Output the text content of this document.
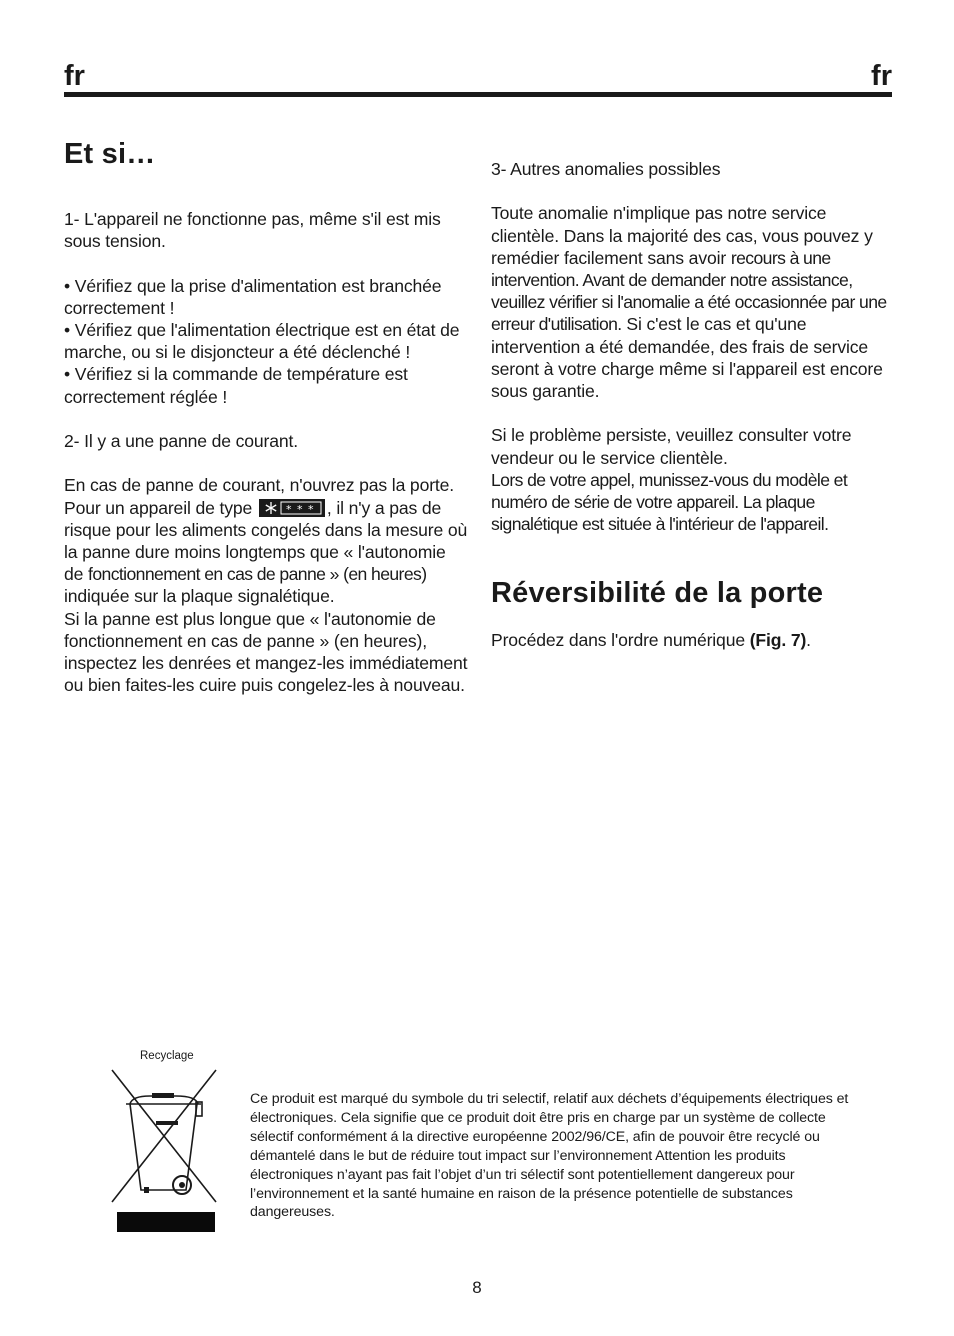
fr	fr
Et si…

1- L'appareil ne fonctionne pas, même s'il est mis sous tension.

• Vérifiez que la prise d'alimentation est branchée correctement !

• Vérifiez que l'alimentation électrique est en état de marche, ou si le disjoncteur a été déclenché !

• Vérifiez si la commande de température est correctement réglée !

2- Il y a une panne de courant.

En cas de panne de courant, n'ouvrez pas la porte. Pour un appareil de type	* * * , il n'y a pas de risque pour les aliments congelés dans la mesure où la panne dure moins longtemps que « l'autonomie de fonctionnement en cas de panne » (en heures) indiquée sur la plaque signalétique.

Si la panne est plus longue que « l'autonomie de fonctionnement en cas de panne » (en heures), inspectez les denrées et mangez-les immédiatement ou bien faites-les cuire puis congelez-les à nouveau.

3- Autres anomalies possibles

Toute anomalie n'implique pas notre service clientèle. Dans la majorité des cas, vous pouvez y remédier facilement sans avoir recours à une intervention. Avant de demander notre assistance, veuillez vérifier si l'anomalie a été occasionnée par une erreur d'utilisation. Si c'est le cas et qu'une intervention a été demandée, des frais de service seront à votre charge même si l'appareil est encore sous garantie.

Si le problème persiste, veuillez consulter votre vendeur ou le service clientèle.

Lors de votre appel, munissez-vous du modèle et numéro de série de votre appareil. La plaque signalétique est située à l'intérieur de l'appareil.

Réversibilité de la porte

Procédez dans l'ordre numérique (Fig. 7).

Recyclage

Ce produit est marqué du symbole du tri selectif, relatif aux déchets d’équipements électriques et électroniques. Cela signifie que ce produit doit être pris en charge par un système de collecte sélectif conformément á la directive européenne 2002/96/CE, afin de pouvoir être recyclé ou démantelé dans le but de réduire tout impact sur l’environnement Attention les produits électroniques n’ayant pas fait l’objet d’un tri sélectif sont potentiellement dangereux pour l’environnement et la santé humaine en raison de la présence potentielle de substances dangereuses.

8
